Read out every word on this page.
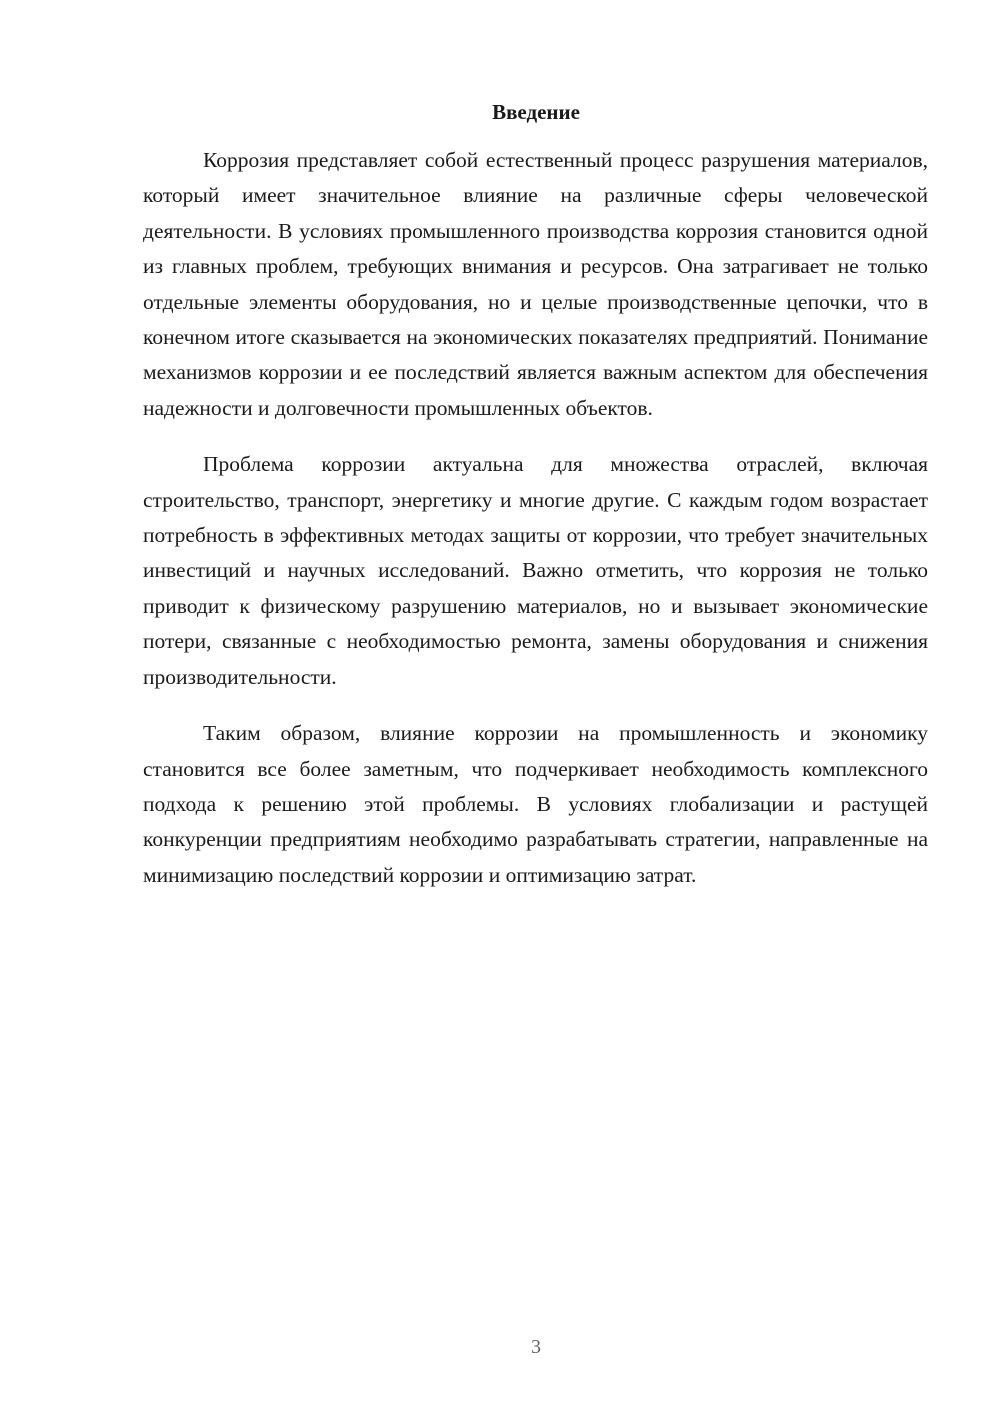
Введение

Коррозия представляет собой естественный процесс разрушения материалов, который имеет значительное влияние на различные сферы человеческой деятельности. В условиях промышленного производства коррозия становится одной из главных проблем, требующих внимания и ресурсов. Она затрагивает не только отдельные элементы оборудования, но и целые производственные цепочки, что в конечном итоге сказывается на экономических показателях предприятий. Понимание механизмов коррозии и ее последствий является важным аспектом для обеспечения надежности и долговечности промышленных объектов.

Проблема коррозии актуальна для множества отраслей, включая строительство, транспорт, энергетику и многие другие. С каждым годом возрастает потребность в эффективных методах защиты от коррозии, что требует значительных инвестиций и научных исследований. Важно отметить, что коррозия не только приводит к физическому разрушению материалов, но и вызывает экономические потери, связанные с необходимостью ремонта, замены оборудования и снижения производительности.

Таким образом, влияние коррозии на промышленность и экономику становится все более заметным, что подчеркивает необходимость комплексного подхода к решению этой проблемы. В условиях глобализации и растущей конкуренции предприятиям необходимо разрабатывать стратегии, направленные на минимизацию последствий коррозии и оптимизацию затрат.

3
